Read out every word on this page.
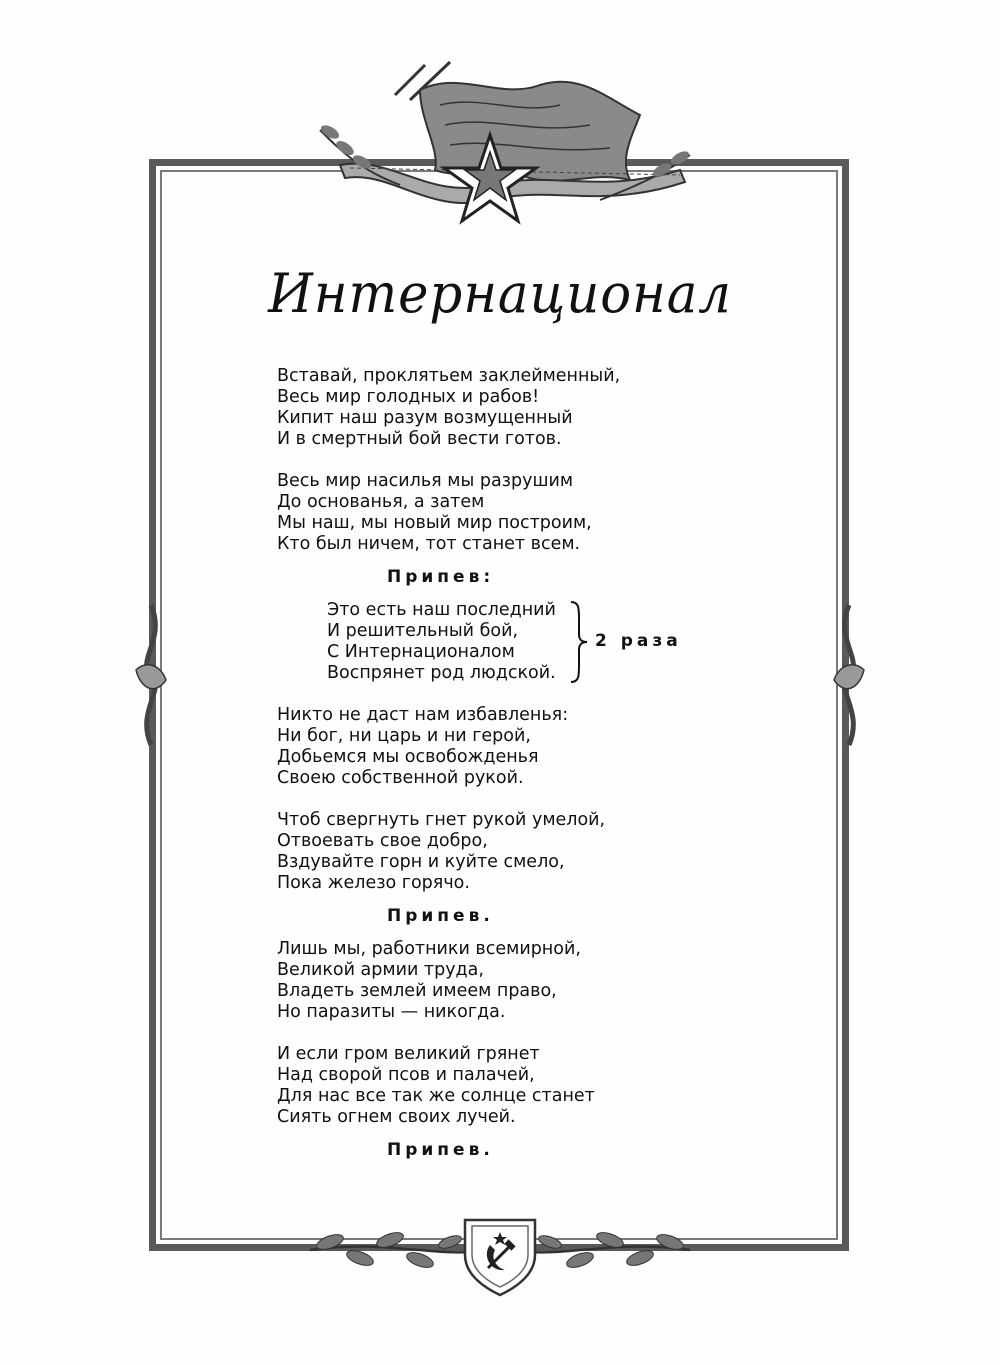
Интернационал
Вставай, проклятьем заклейменный,
Весь мир голодных и рабов!
Кипит наш разум возмущенный
И в смертный бой вести готов.
Весь мир насилья мы разрушим
До основанья, а затем
Мы наш, мы новый мир построим,
Кто был ничем, тот станет всем.
Припев:
Это есть наш последний
И решительный бой,
С Интернационалом
Воспрянет род людской.
2 раза
Никто не даст нам избавленья:
Ни бог, ни царь и ни герой,
Добьемся мы освобожденья
Своею собственной рукой.
Чтоб свергнуть гнет рукой умелой,
Отвоевать свое добро,
Вздувайте горн и куйте смело,
Пока железо горячо.
Припев.
Лишь мы, работники всемирной,
Великой армии труда,
Владеть землей имеем право,
Но паразиты — никогда.
И если гром великий грянет
Над сворой псов и палачей,
Для нас все так же солнце станет
Сиять огнем своих лучей.
Припев.
